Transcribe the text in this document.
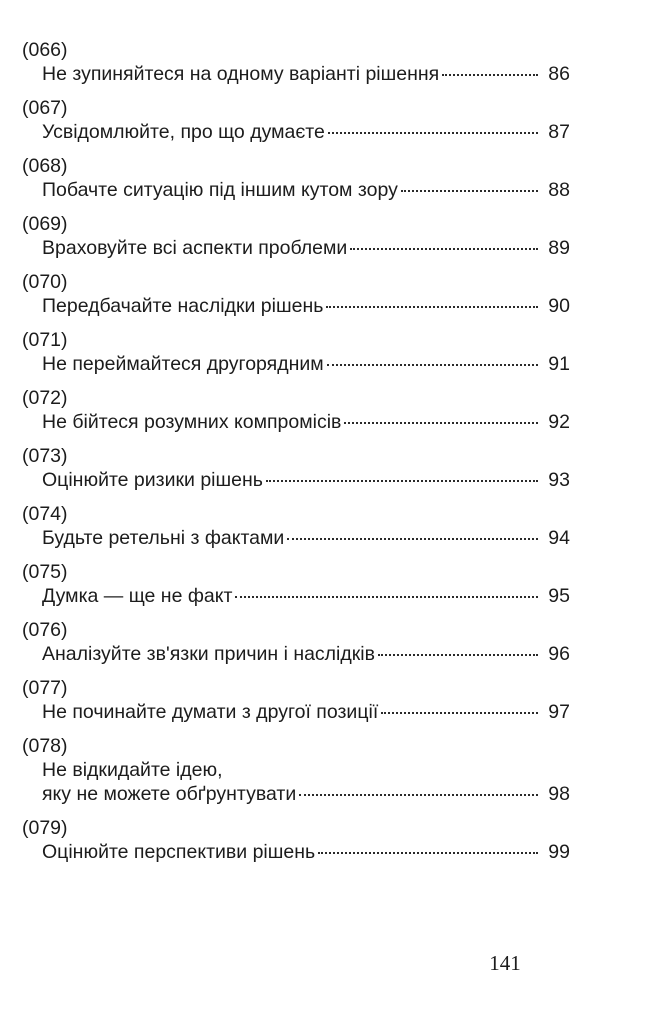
(066)
Не зупиняйтеся на одному варіанті рішення	86
(067)
Усвідомлюйте, про що думаєте	87
(068)
Побачте ситуацію під іншим кутом зору	88
(069)
Враховуйте всі аспекти проблеми	89
(070)
Передбачайте наслідки рішень	90
(071)
Не переймайтеся другорядним	91
(072)
Не бійтеся розумних компромісів	92
(073)
Оцінюйте ризики рішень	93
(074)
Будьте ретельні з фактами	94
(075)
Думка — ще не факт	95
(076)
Аналізуйте зв'язки причин і наслідків	96
(077)
Не починайте думати з другої позиції	97
(078)
Не відкидайте ідею,
яку не можете обґрунтувати	98
(079)
Оцінюйте перспективи рішень	99
141
